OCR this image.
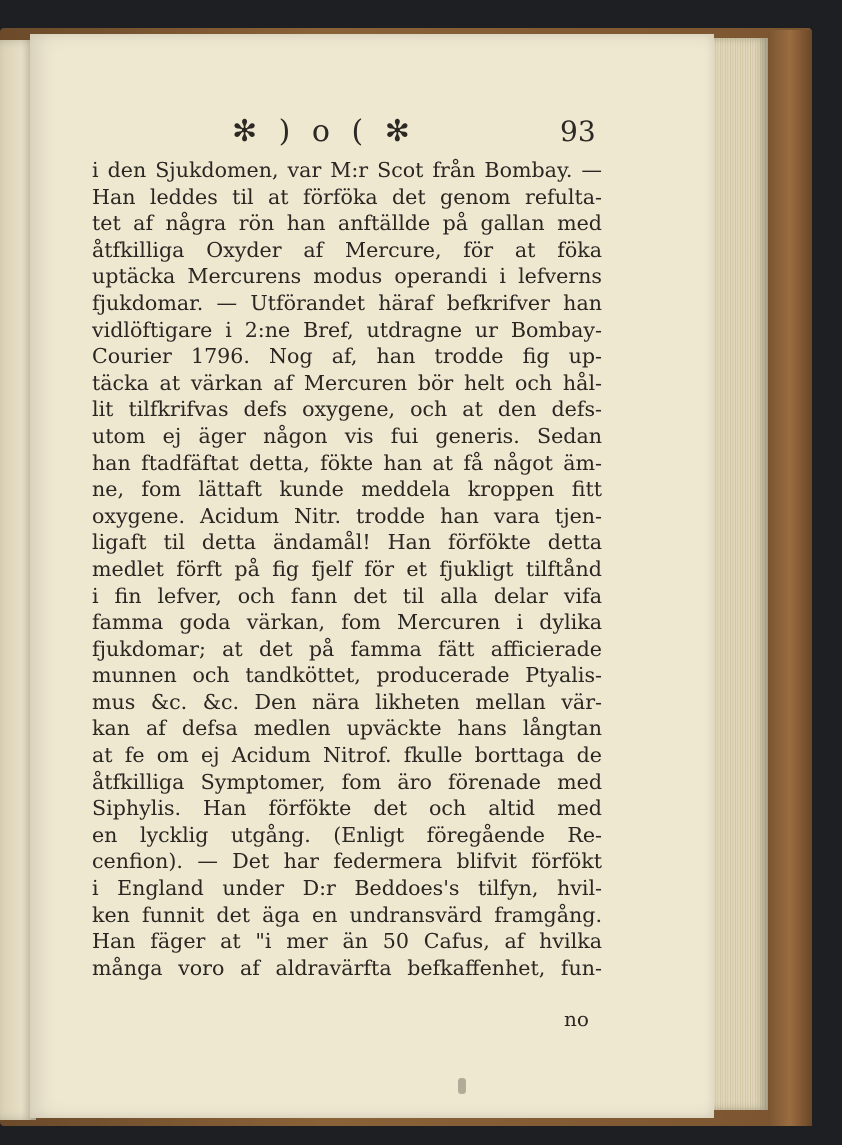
✻ ) o ( ✻	93
i den Sjukdomen, var M:r Scot från Bombay. —
Han leddes til at förföka det genom refulta-
tet af några rön han anftällde på gallan med
åtfkilliga Oxyder af Mercure, för at föka
uptäcka Mercurens modus operandi i lefverns
fjukdomar. — Utförandet häraf befkrifver han
vidlöftigare i 2:ne Bref, utdragne ur Bombay-
Courier 1796. Nog af, han trodde fig up-
täcka at värkan af Mercuren bör helt och hål-
lit tilfkrifvas defs oxygene, och at den defs-
utom ej äger någon vis fui generis. Sedan
han ftadfäftat detta, fökte han at få något äm-
ne, fom lättaft kunde meddela kroppen fitt
oxygene. Acidum Nitr. trodde han vara tjen-
ligaft til detta ändamål! Han förfökte detta
medlet förft på fig fjelf för et fjukligt tilftånd
i fin lefver, och fann det til alla delar vifa
famma goda värkan, fom Mercuren i dylika
fjukdomar; at det på famma fätt afficierade
munnen och tandköttet, producerade Ptyalis-
mus &c. &c. Den nära likheten mellan vär-
kan af defsa medlen upväckte hans långtan
at fe om ej Acidum Nitrof. fkulle borttaga de
åtfkilliga Symptomer, fom äro förenade med
Siphylis. Han förfökte det och altid med
en lycklig utgång. (Enligt föregående Re-
cenfion). — Det har federmera blifvit förfökt
i England under D:r Beddoes's tilfyn, hvil-
ken funnit det äga en undransvärd framgång.
Han fäger at "i mer än 50 Cafus, af hvilka
många voro af aldravärfta befkaffenhet, fun-
no
